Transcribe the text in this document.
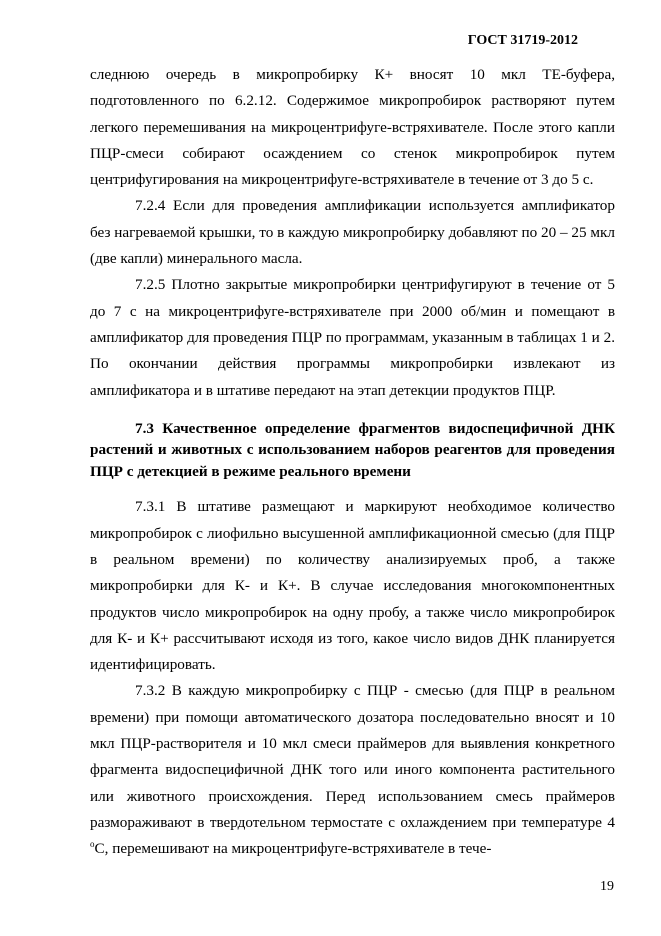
ГОСТ 31719-2012

следнюю очередь в микропробирку К+ вносят 10 мкл ТЕ-буфера, подготовленного по 6.2.12. Содержимое микропробирок растворяют путем легкого перемешивания на микроцентрифуге-встряхивателе. После этого капли ПЦР-смеси собирают осаждением со стенок микропробирок путем центрифугирования на микроцентрифуге-встряхивателе в течение от 3 до 5 с.

7.2.4 Если для проведения амплификации используется амплификатор без нагреваемой крышки, то в каждую микропробирку добавляют по 20 – 25 мкл (две капли) минерального масла.

7.2.5 Плотно закрытые микропробирки центрифугируют в течение от 5 до 7 с на микроцентрифуге-встряхивателе при 2000 об/мин и помещают в амплификатор для проведения ПЦР по программам, указанным в таблицах 1 и 2. По окончании действия программы микропробирки извлекают из амплификатора и в штативе передают на этап детекции продуктов ПЦР.

7.3 Качественное определение фрагментов видоспецифичной ДНК растений и животных с использованием наборов реагентов для проведения ПЦР с детекцией в режиме реального времени

7.3.1 В штативе размещают и маркируют необходимое количество микропробирок с лиофильно высушенной амплификационной смесью (для ПЦР в реальном времени) по количеству анализируемых проб, а также микропробирки для К- и К+. В случае исследования многокомпонентных продуктов число микропробирок на одну пробу, а также число микропробирок для К- и К+ рассчитывают исходя из того, какое число видов ДНК планируется идентифицировать.

7.3.2 В каждую микропробирку с ПЦР - смесью (для ПЦР в реальном времени) при помощи автоматического дозатора последовательно вносят и 10 мкл ПЦР-растворителя и 10 мкл смеси праймеров для выявления конкретного фрагмента видоспецифичной ДНК того или иного компонента растительного или животного происхождения. Перед использованием смесь праймеров размораживают в твердотельном термостате с охлаждением при температуре 4 $^o$С, перемешивают на микроцентрифуге-встряхивателе в тече-

19
